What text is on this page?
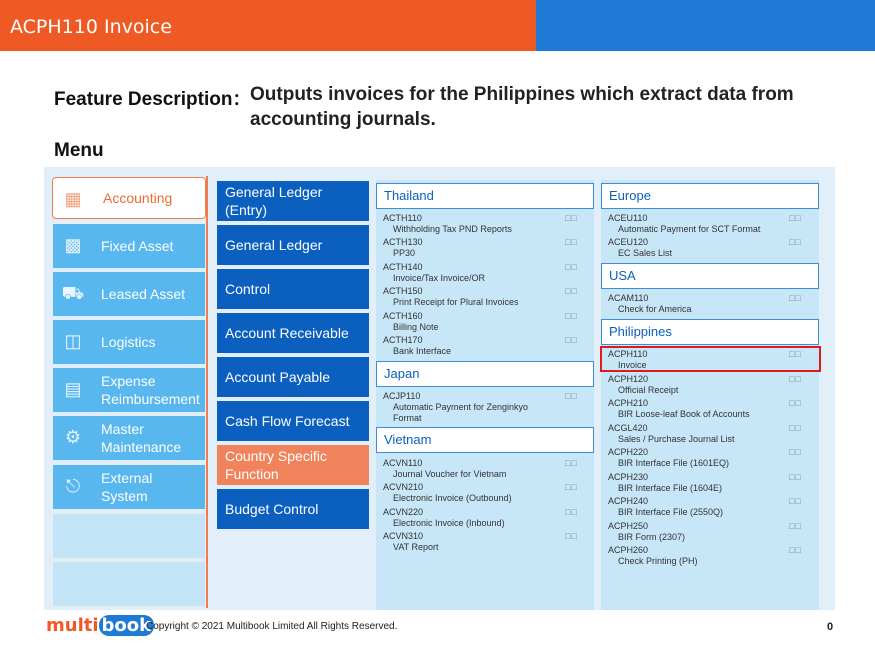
ACPH110 Invoice
Feature Description：
Outputs invoices for the Philippines which extract data from
accounting journals.
Menu
▦ Accounting
▩ Fixed Asset
⛟ Leased Asset
◫ Logistics
▤ Expense
Reimbursement
⚙ Master
Maintenance
⎋	External
System
General Ledger (Entry)
General Ledger
Control
Account Receivable
Account Payable
Cash Flow Forecast
Country Specific
Function
Budget Control
Thailand
ACTH110
Withholding Tax PND Reports
□□
ACTH130
PP30
□□
ACTH140
Invoice/Tax Invoice/OR
□□
ACTH150
Print Receipt for Plural Invoices
□□
ACTH160
Billing Note
□□
ACTH170
Bank Interface
□□
Japan
ACJP110
Automatic Payment for Zenginkyo
Format
□□
Vietnam
ACVN110
Journal Voucher for Vietnam
□□
ACVN210
Electronic Invoice (Outbound)
□□
ACVN220
Electronic Invoice (Inbound)
□□
ACVN310
VAT Report
□□
Europe
ACEU110
Automatic Payment for SCT Format
□□
ACEU120
EC Sales List
□□
USA
ACAM110
Check for America
□□
Philippines
ACPH110
Invoice
□□
ACPH120
Official Receipt
□□
ACPH210
BIR Loose-leaf Book of Accounts
□□
ACGL420
Sales / Purchase Journal List
□□
ACPH220
BIR Interface File (1601EQ)
□□
ACPH230
BIR Interface File (1604E)
□□
ACPH240
BIR Interface File (2550Q)
□□
ACPH250
BIR Form (2307)
□□
ACPH260
Check Printing (PH)
□□
multi book
Copyright © 2021 Multibook Limited All Rights Reserved.	0
